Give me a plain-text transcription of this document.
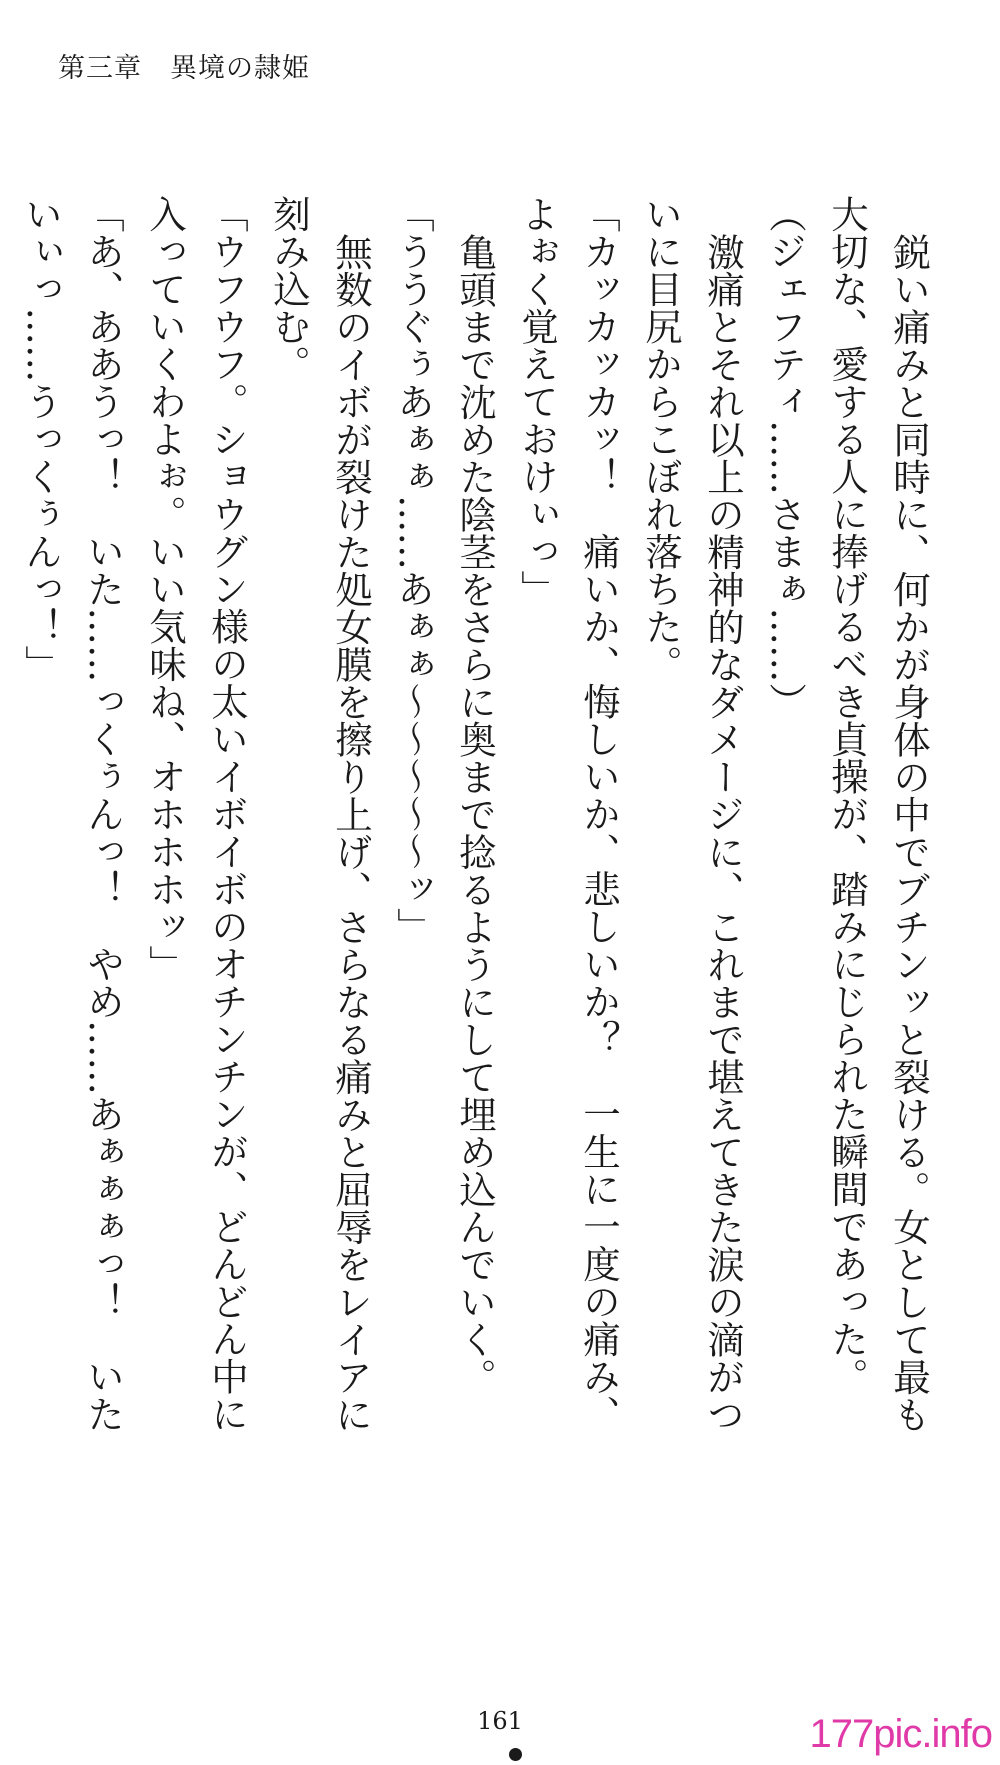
第三章　異境の隷姫

鋭い痛みと同時に、何かが身体の中でブチンッと裂ける。女として最も大切な、愛する人に捧げるべき貞操が、踏みにじられた瞬間であった。

（ジェフティ……さまぁ……）

激痛とそれ以上の精神的なダメージに、これまで堪えてきた涙の滴がついに目尻からこぼれ落ちた。

「カッカッカッ！　痛いか、悔しいか、悲しいか？　一生に一度の痛み、よぉく覚えておけぃっ」

亀頭まで沈めた陰茎をさらに奥まで捻るようにして埋め込んでいく。

「ううぐぅあぁぁ……あぁぁ～～～～～ッ」

無数のイボが裂けた処女膜を擦り上げ、さらなる痛みと屈辱をレイアに刻み込む。

「ウフウフ。ショウグン様の太いイボイボのオチンチンが、どんどん中に入っていくわよぉ。いい気味ね、オホホホッ」

「あ、ああうっ！　いた……っくぅんっ！　やめ……あぁぁぁっ！　いたいぃっ……うっくぅんっ！」

161	177pic.info
